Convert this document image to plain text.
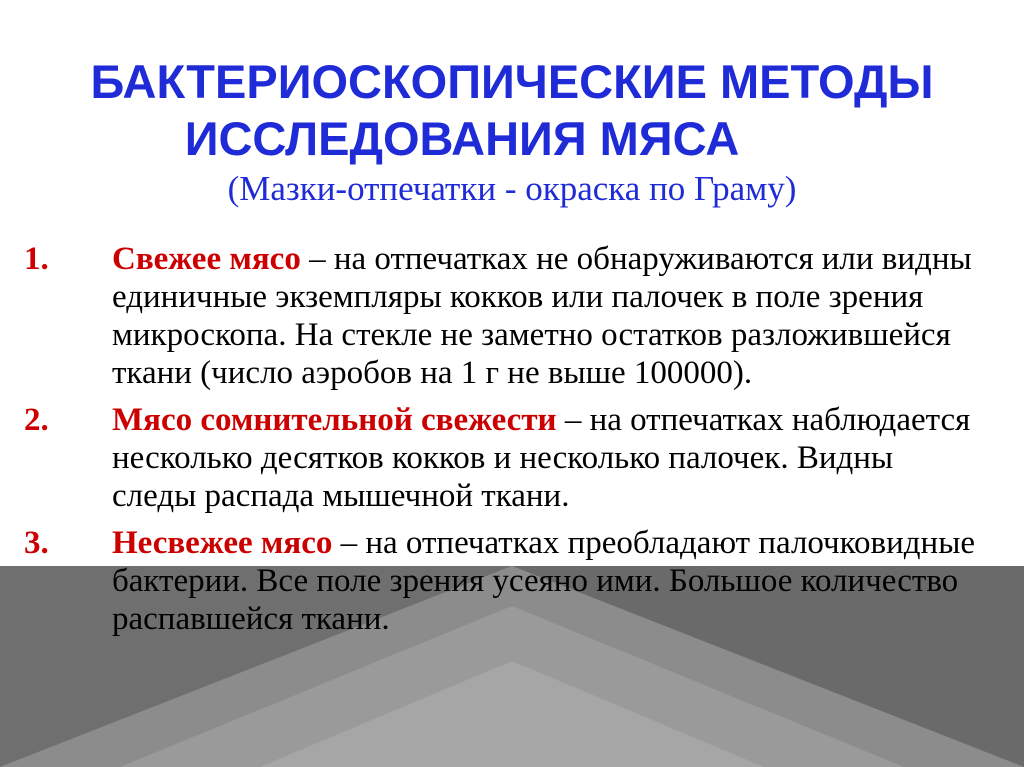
БАКТЕРИОСКОПИЧЕСКИЕ МЕТОДЫ
ИССЛЕДОВАНИЯ МЯСА

(Мазки-отпечатки - окраска по Граму)

1. Свежее мясо – на отпечатках не обнаруживаются или видны единичные экземпляры кокков или палочек в поле зрения микроскопа. На стекле не заметно остатков разложившейся ткани (число аэробов на 1 г не выше 100000).
2. Мясо сомнительной свежести – на отпечатках наблюдается несколько десятков кокков и несколько палочек. Видны следы распада мышечной ткани.
3. Несвежее мясо – на отпечатках преобладают палочковидные бактерии. Все поле зрения усеяно ими. Большое количество распавшейся ткани.
